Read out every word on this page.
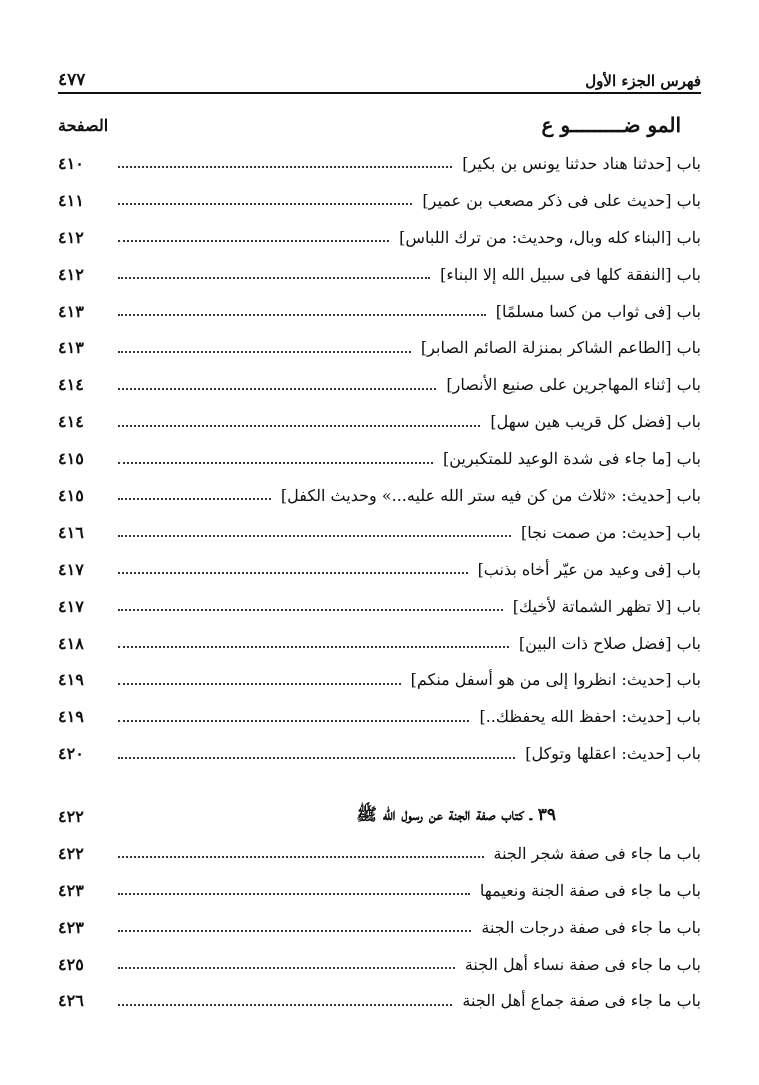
فهرس الجزء الأول
٤٧٧
المو ضـــــــــو ع
الصفحة
باب [حدثنا هناد حدثنا يونس بن بكير]
٤١٠
باب [حديث على فى ذكر مصعب بن عمير]
٤١١
باب [البناء كله وبال، وحديث: من ترك اللباس]
٤١٢
باب [النفقة كلها فى سبيل الله إلا البناء]
٤١٢
باب [فى ثواب من كسا مسلمًا]
٤١٣
باب [الطاعم الشاكر بمنزلة الصائم الصابر]
٤١٣
باب [ثناء المهاجرين على صنيع الأنصار]
٤١٤
باب [فضل كل قريب هين سهل]
٤١٤
باب [ما جاء فى شدة الوعيد للمتكبرين]
٤١٥
باب [حديث: «ثلاث من كن فيه ستر الله عليه...» وحديث الكفل]
٤١٥
باب [حديث: من صمت نجا]
٤١٦
باب [فى وعيد من عيّر أخاه بذنب]
٤١٧
باب [لا تظهر الشماتة لأخيك]
٤١٧
باب [فضل صلاح ذات البين]
٤١٨
باب [حديث: انظروا إلى من هو أسفل منكم]
٤١٩
باب [حديث: احفظ الله يحفظك..]
٤١٩
باب [حديث: اعقلها وتوكل]
٤٢٠
٣٩ ـ كتاب صفة الجنة عن رسول الله ﷺ
٤٢٢
باب ما جاء فى صفة شجر الجنة
٤٢٢
باب ما جاء فى صفة الجنة ونعيمها
٤٢٣
باب ما جاء فى صفة درجات الجنة
٤٢٣
باب ما جاء فى صفة نساء أهل الجنة
٤٢٥
باب ما جاء فى صفة جماع أهل الجنة
٤٢٦
